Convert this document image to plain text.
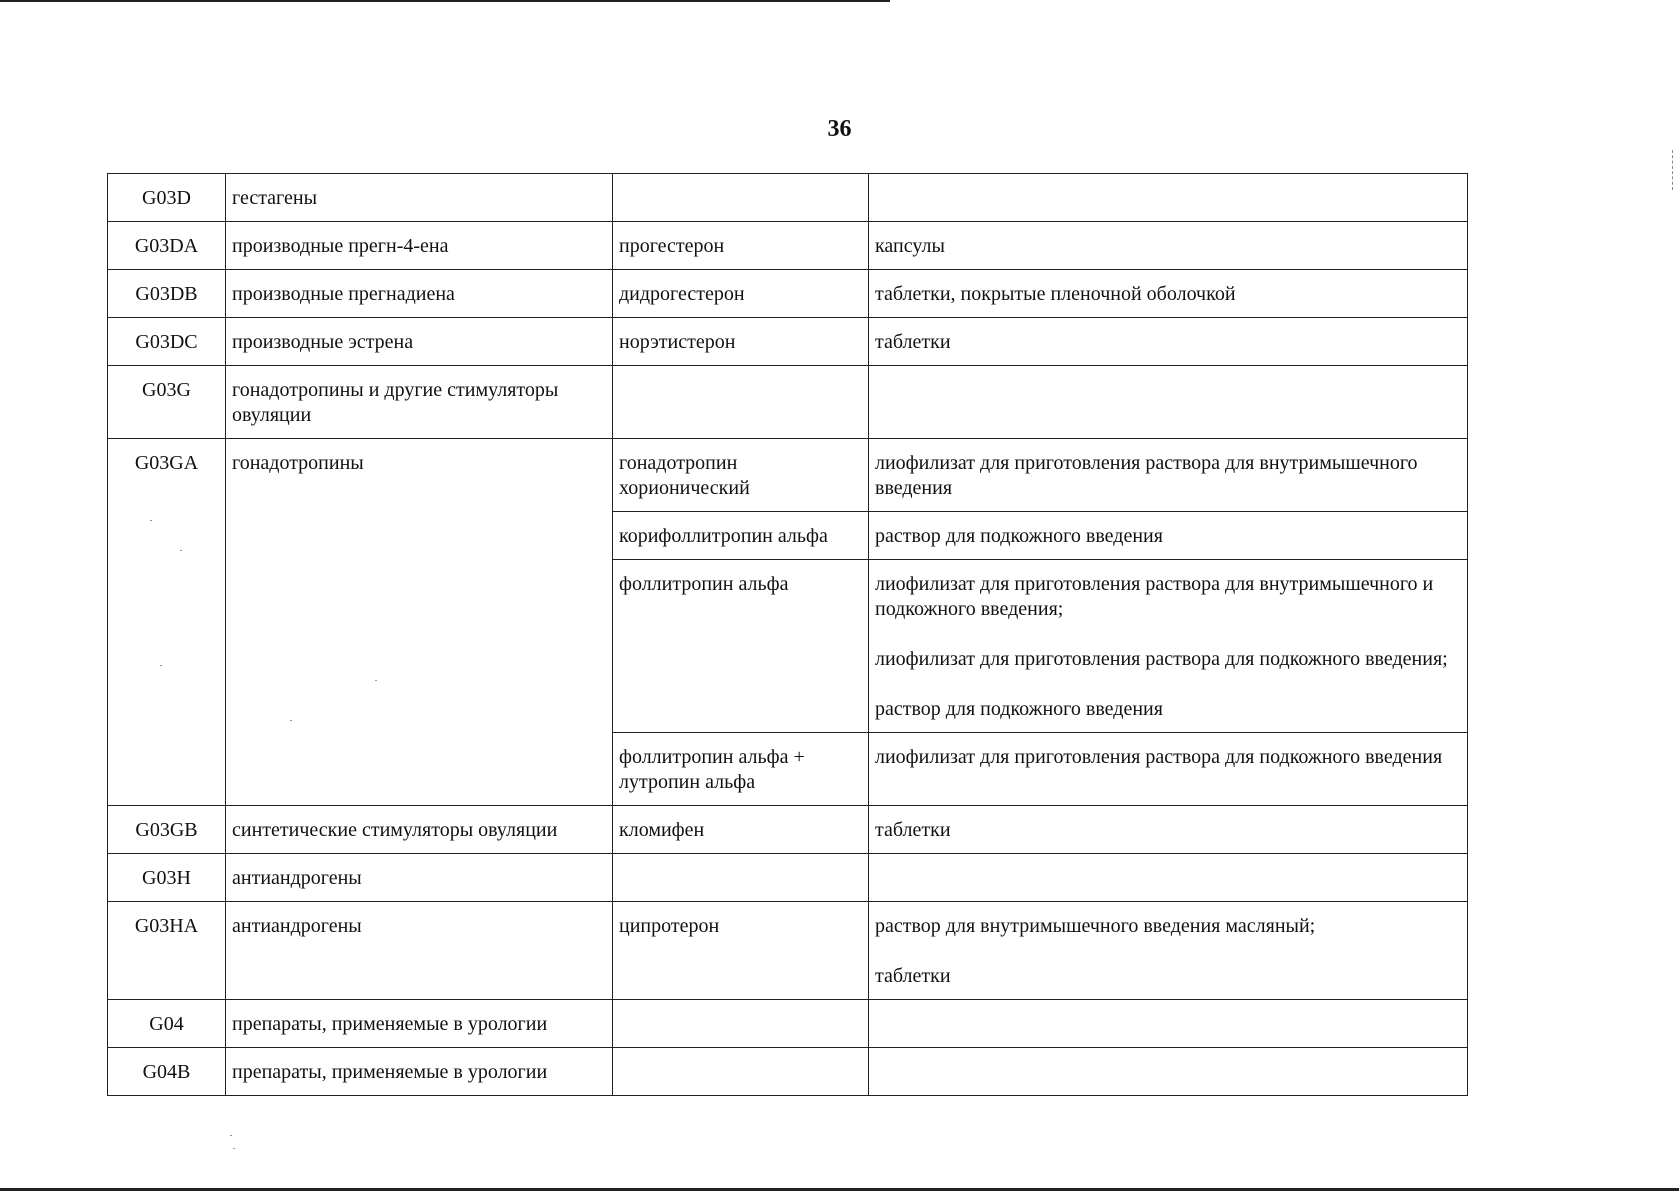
36
G03D	гестагены		
G03DA	производные прегн-4-ена	прогестерон	капсулы

G03DB	производные прегнадиена	дидрогестерон	таблетки, покрытые пленочной оболочкой

G03DC	производные эстрена	норэтистерон	таблетки

G03G	гонадотропины и другие стимуляторы овуляции		
G03GA	гонадотропины	гонадотропин хорионический	лиофилизат для приготовления раствора для внутримышечного введения

		корифоллитропин альфа	раствор для подкожного введения

		фоллитропин альфа	лиофилизат для приготовления раствора для внутримышечного и подкожного введения;
лиофилизат для приготовления раствора для подкожного введения;
раствор для подкожного введения

		фоллитропин альфа + лутропин альфа	лиофилизат для приготовления раствора для подкожного введения

G03GB	синтетические стимуляторы овуляции	кломифен	таблетки

G03H	антиандрогены		
G03HA	антиандрогены	ципротерон	раствор для внутримышечного введения масляный;
таблетки

G04	препараты, применяемые в урологии		
G04B	препараты, применяемые в урологии		
